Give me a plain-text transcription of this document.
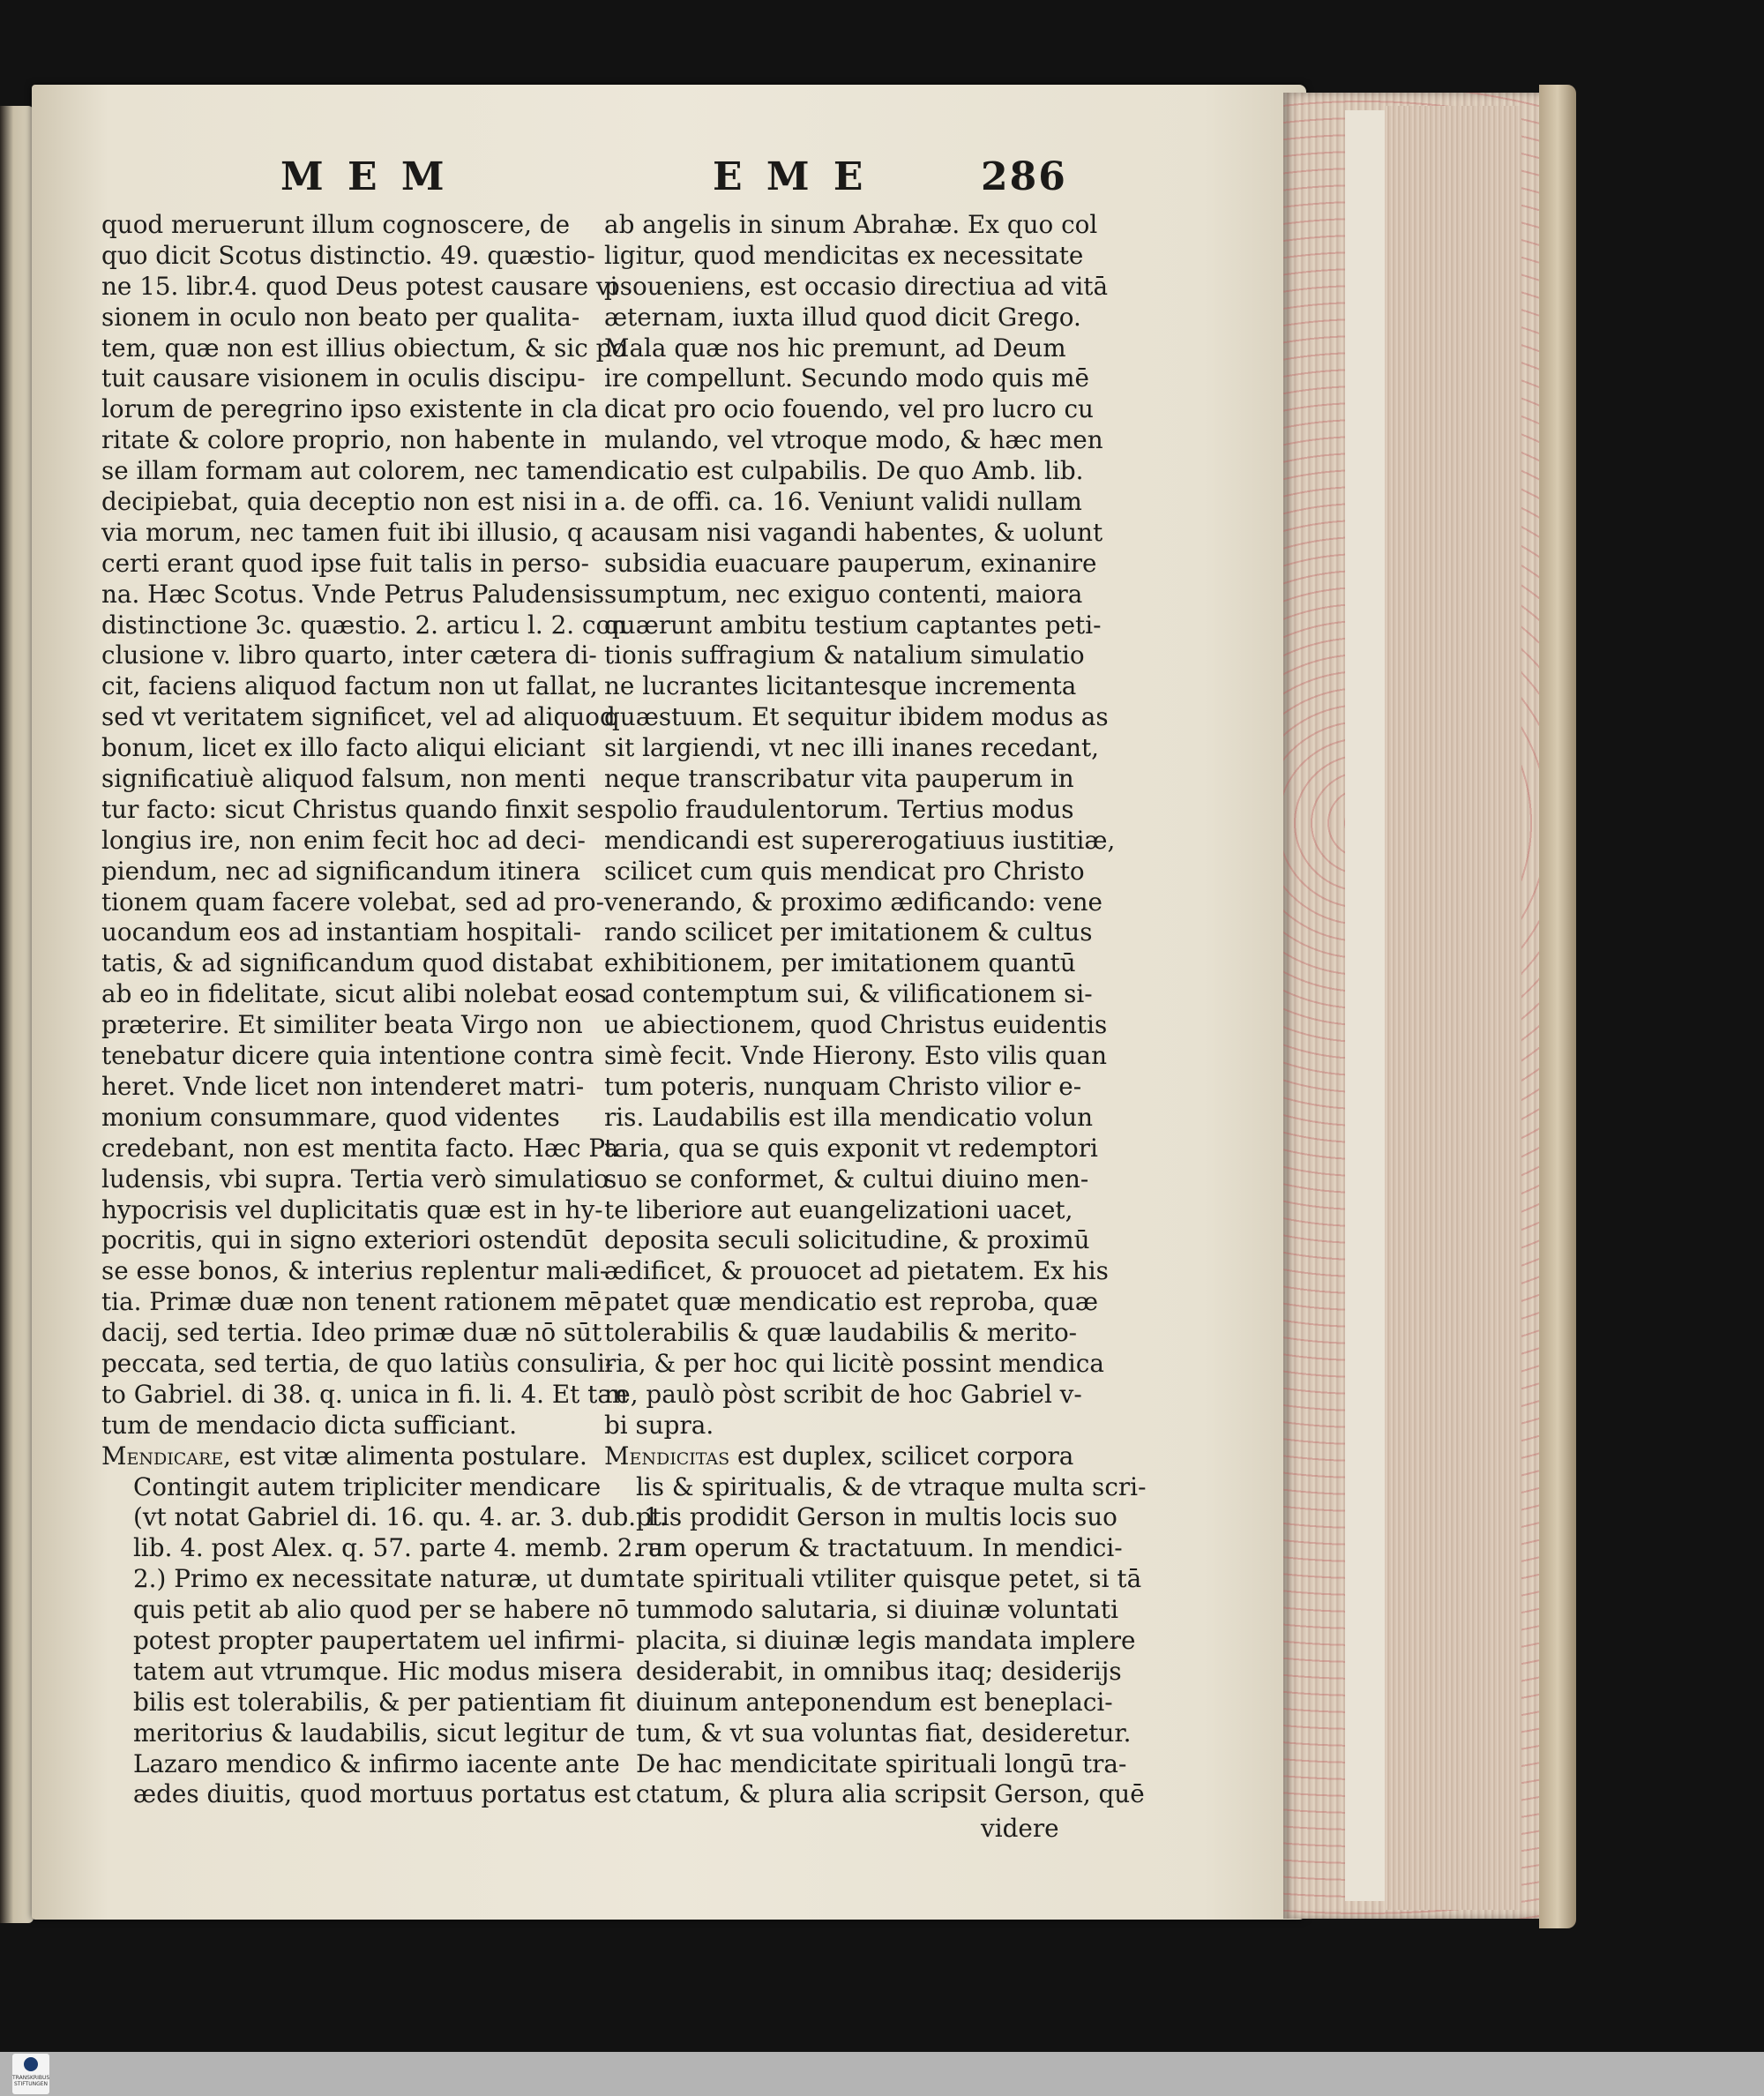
M E M	E M E	286
quod meruerunt illum cognoscere, de
quo dicit Scotus distinctio. 49. quæstio-
ne 15. libr.4. quod Deus potest causare vi
sionem in oculo non beato per qualita-
tem, quæ non est illius obiectum, & sic po
tuit causare visionem in oculis discipu-
lorum de peregrino ipso existente in cla
ritate & colore proprio, non habente in
se illam formam aut colorem, nec tamen
decipiebat, quia deceptio non est nisi in
via morum, nec tamen fuit ibi illusio, q a
certi erant quod ipse fuit talis in perso-
na. Hæc Scotus. Vnde Petrus Paludensis
distinctione 3c. quæstio. 2. articu l. 2. con
clusione v. libro quarto, inter cætera di-
cit, faciens aliquod factum non ut fallat,
sed vt veritatem significet, vel ad aliquod
bonum, licet ex illo facto aliqui eliciant
significatiuè aliquod falsum, non menti
tur facto: sicut Christus quando finxit se
longius ire, non enim fecit hoc ad deci-
piendum, nec ad significandum itinera
tionem quam facere volebat, sed ad pro-
uocandum eos ad instantiam hospitali-
tatis, & ad significandum quod distabat
ab eo in fidelitate, sicut alibi nolebat eos
præterire. Et similiter beata Virgo non
tenebatur dicere quia intentione contra
heret. Vnde licet non intenderet matri-
monium consummare, quod videntes
credebant, non est mentita facto. Hæc Pa
ludensis, vbi supra. Tertia verò simulatio
hypocrisis vel duplicitatis quæ est in hy-
pocritis, qui in signo exteriori ostendūt
se esse bonos, & interius replentur mali-
tia. Primæ duæ non tenent rationem mē
dacij, sed tertia. Ideo primæ duæ nō sūt
peccata, sed tertia, de quo latiùs consuli-
to Gabriel. di 38. q. unica in fi. li. 4. Et tan
tum de mendacio dicta sufficiant.
Mendicare, est vitæ alimenta postulare.
Contingit autem tripliciter mendicare
(vt notat Gabriel di. 16. qu. 4. ar. 3. dub. 1.
lib. 4. post Alex. q. 57. parte 4. memb. 2. ar.
2.) Primo ex necessitate naturæ, ut dum
quis petit ab alio quod per se habere nō
potest propter paupertatem uel infirmi-
tatem aut vtrumque. Hic modus misera
bilis est tolerabilis, & per patientiam fit
meritorius & laudabilis, sicut legitur de
Lazaro mendico & infirmo iacente ante
ædes diuitis, quod mortuus portatus est
ab angelis in sinum Abrahæ. Ex quo col
ligitur, quod mendicitas ex necessitate
psoueniens, est occasio directiua ad vitā
æternam, iuxta illud quod dicit Grego.
Mala quæ nos hic premunt, ad Deum
ire compellunt. Secundo modo quis mē
dicat pro ocio fouendo, vel pro lucro cu
mulando, vel vtroque modo, & hæc men
dicatio est culpabilis. De quo Amb. lib.
a. de offi. ca. 16. Veniunt validi nullam
causam nisi vagandi habentes, & uolunt
subsidia euacuare pauperum, exinanire
sumptum, nec exiguo contenti, maiora
quærunt ambitu testium captantes peti-
tionis suffragium & natalium simulatio
ne lucrantes licitantesque incrementa
quæstuum. Et sequitur ibidem modus as
sit largiendi, vt nec illi inanes recedant,
neque transcribatur vita pauperum in
spolio fraudulentorum. Tertius modus
mendicandi est supererogatiuus iustitiæ,
scilicet cum quis mendicat pro Christo
venerando, & proximo ædificando: vene
rando scilicet per imitationem & cultus
exhibitionem, per imitationem quantū
ad contemptum sui, & vilificationem si-
ue abiectionem, quod Christus euidentis
simè fecit. Vnde Hierony. Esto vilis quan
tum poteris, nunquam Christo vilior e-
ris. Laudabilis est illa mendicatio volun
taria, qua se quis exponit vt redemptori
suo se conformet, & cultui diuino men-
te liberiore aut euangelizationi uacet,
deposita seculi solicitudine, & proximū
ædificet, & prouocet ad pietatem. Ex his
patet quæ mendicatio est reproba, quæ
tolerabilis & quæ laudabilis & merito-
ria, & per hoc qui licitè possint mendica
re, paulò pòst scribit de hoc Gabriel v-
bi supra.
Mendicitas est duplex, scilicet corpora
lis & spiritualis, & de vtraque multa scri-
ptis prodidit Gerson in multis locis suo
rum operum & tractatuum. In mendici-
tate spirituali vtiliter quisque petet, si tā
tummodo salutaria, si diuinæ voluntati
placita, si diuinæ legis mandata implere
desiderabit, in omnibus itaq; desiderijs
diuinum anteponendum est beneplaci-
tum, & vt sua voluntas fiat, desideretur.
De hac mendicitate spirituali longū tra-
ctatum, & plura alia scripsit Gerson, quē
videre
TRANSKRIBUS STIFTUNGEN
